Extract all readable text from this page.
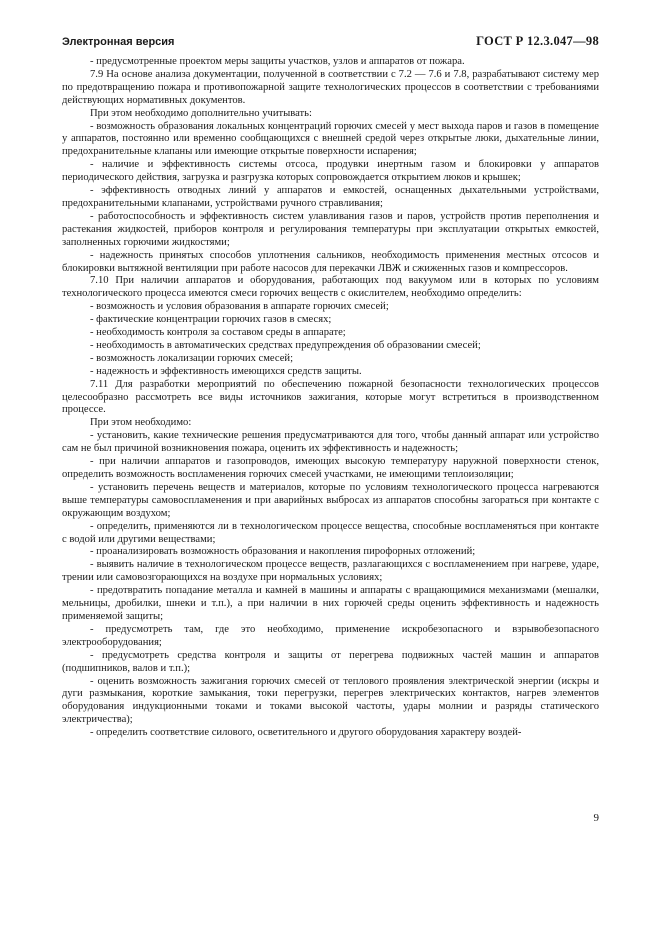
Электронная версия	ГОСТ Р 12.3.047—98

- предусмотренные проектом меры защиты участков, узлов и аппаратов от пожара.

7.9 На основе анализа документации, полученной в соответствии с 7.2 — 7.6 и 7.8, разрабатывают систему мер по предотвращению пожара и противопожарной защите технологических процессов в соответствии с требованиями действующих нормативных документов.

При этом необходимо дополнительно учитывать:

- возможность образования локальных концентраций горючих смесей у мест выхода паров и газов в помещение у аппаратов, постоянно или временно сообщающихся с внешней средой через открытые люки, дыхательные линии, предохранительные клапаны или имеющие открытые поверхности испарения;

- наличие и эффективность системы отсоса, продувки инертным газом и блокировки у аппаратов периодического действия, загрузка и разгрузка которых сопровождается открытием люков и крышек;

- эффективность отводных линий у аппаратов и емкостей, оснащенных дыхательными устройствами, предохранительными клапанами, устройствами ручного стравливания;

- работоспособность и эффективность систем улавливания газов и паров, устройств против переполнения и растекания жидкостей, приборов контроля и регулирования температуры при эксплуатации открытых емкостей, заполненных горючими жидкостями;

- надежность принятых способов уплотнения сальников, необходимость применения местных отсосов и блокировки вытяжной вентиляции при работе насосов для перекачки ЛВЖ и сжиженных газов и компрессоров.

7.10 При наличии аппаратов и оборудования, работающих под вакуумом или в которых по условиям технологического процесса имеются смеси горючих веществ с окислителем, необходимо определить:

- возможность и условия образования в аппарате горючих смесей;

- фактические концентрации горючих газов в смесях;

- необходимость контроля за составом среды в аппарате;

- необходимость в автоматических средствах предупреждения об образовании смесей;

- возможность локализации горючих смесей;

- надежность и эффективность имеющихся средств защиты.

7.11 Для разработки мероприятий по обеспечению пожарной безопасности технологических процессов целесообразно рассмотреть все виды источников зажигания, которые могут встретиться в производственном процессе.

При этом необходимо:

- установить, какие технические решения предусматриваются для того, чтобы данный аппарат или устройство сам не был причиной возникновения пожара, оценить их эффективность и надежность;

- при наличии аппаратов и газопроводов, имеющих высокую температуру наружной поверхности стенок, определить возможность воспламенения горючих смесей участками, не имеющими теплоизоляции;

- установить перечень веществ и материалов, которые по условиям технологического процесса нагреваются выше температуры самовоспламенения и при аварийных выбросах из аппаратов способны загораться при контакте с окружающим воздухом;

- определить, применяются ли в технологическом процессе вещества, способные воспламеняться при контакте с водой или другими веществами;

- проанализировать возможность образования и накопления пирофорных отложений;

- выявить наличие в технологическом процессе веществ, разлагающихся с воспламенением при нагреве, ударе, трении или самовозгорающихся на воздухе при нормальных условиях;

- предотвратить попадание металла и камней в машины и аппараты с вращающимися механизмами (мешалки, мельницы, дробилки, шнеки и т.п.), а при наличии в них горючей среды оценить эффективность и надежность применяемой защиты;

- предусмотреть там, где это необходимо, применение искробезопасного и взрывобезопасного электрооборудования;

- предусмотреть средства контроля и защиты от перегрева подвижных частей машин и аппаратов (подшипников, валов и т.п.);

- оценить возможность зажигания горючих смесей от теплового проявления электрической энергии (искры и дуги размыкания, короткие замыкания, токи перегрузки, перегрев электрических контактов, нагрев элементов оборудования индукционными токами и токами высокой частоты, удары молнии и разряды статического электричества);

- определить соответствие силового, осветительного и другого оборудования характеру воздей-

9
